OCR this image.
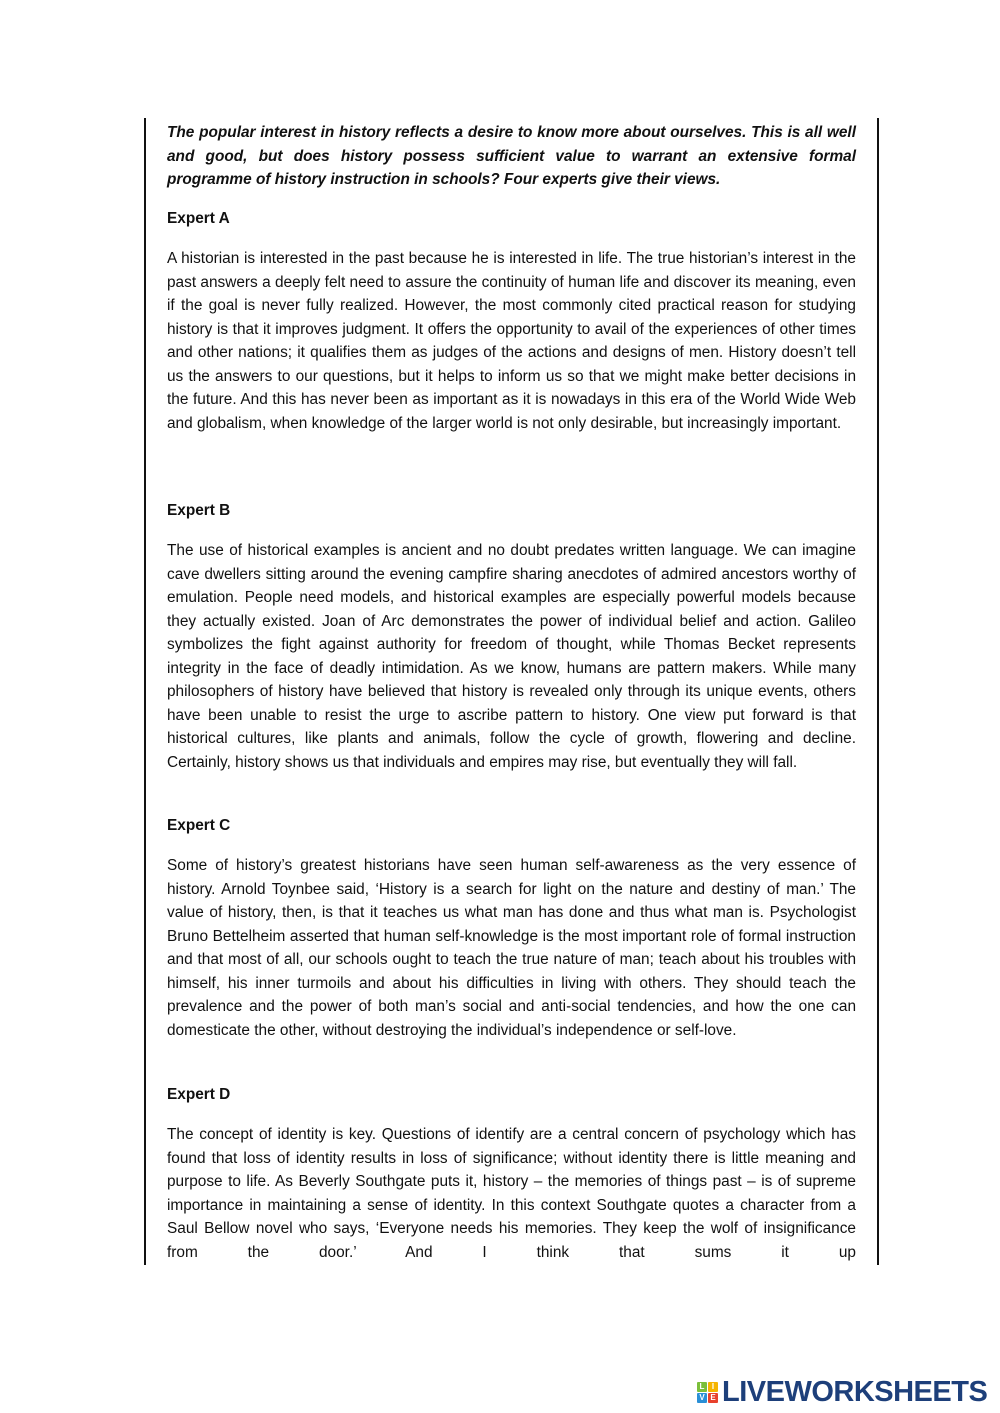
The popular interest in history reflects a desire to know more about ourselves. This is all well and good, but does history possess sufficient value to warrant an extensive formal programme of history instruction in schools? Four experts give their views.

Expert A

A historian is interested in the past because he is interested in life. The true historian’s interest in the past answers a deeply felt need to assure the continuity of human life and discover its meaning, even if the goal is never fully realized. However, the most commonly cited practical reason for studying history is that it improves judgment. It offers the opportunity to avail of the experiences of other times and other nations; it qualifies them as judges of the actions and designs of men. History doesn’t tell us the answers to our questions, but it helps to inform us so that we might make better decisions in the future. And this has never been as important as it is nowadays in this era of the World Wide Web and globalism, when knowledge of the larger world is not only desirable, but increasingly important.

Expert B

The use of historical examples is ancient and no doubt predates written language. We can imagine cave dwellers sitting around the evening campfire sharing anecdotes of admired ancestors worthy of emulation. People need models, and historical examples are especially powerful models because they actually existed. Joan of Arc demonstrates the power of individual belief and action. Galileo symbolizes the fight against authority for freedom of thought, while Thomas Becket represents integrity in the face of deadly intimidation. As we know, humans are pattern makers. While many philosophers of history have believed that history is revealed only through its unique events, others have been unable to resist the urge to ascribe pattern to history. One view put forward is that historical cultures, like plants and animals, follow the cycle of growth, flowering and decline. Certainly, history shows us that individuals and empires may rise, but eventually they will fall.

Expert C

Some of history’s greatest historians have seen human self-awareness as the very essence of history. Arnold Toynbee said, ‘History is a search for light on the nature and destiny of man.’ The value of history, then, is that it teaches us what man has done and thus what man is. Psychologist Bruno Bettelheim asserted that human self-knowledge is the most important role of formal instruction and that most of all, our schools ought to teach the true nature of man; teach about his troubles with himself, his inner turmoils and about his difficulties in living with others. They should teach the prevalence and the power of both man’s social and anti-social tendencies, and how the one can domesticate the other, without destroying the individual’s independence or self-love.

Expert D

The concept of identity is key. Questions of identify are a central concern of psychology which has found that loss of identity results in loss of significance; without identity there is little meaning and purpose to life. As Beverly Southgate puts it, history – the memories of things past – is of supreme importance in maintaining a sense of identity. In this context Southgate quotes a character from a Saul Bellow novel who says, ‘Everyone needs his memories. They keep the wolf of insignificance from the door.’ And I think that sums it up

L I
V E LIVEWORKSHEETS
